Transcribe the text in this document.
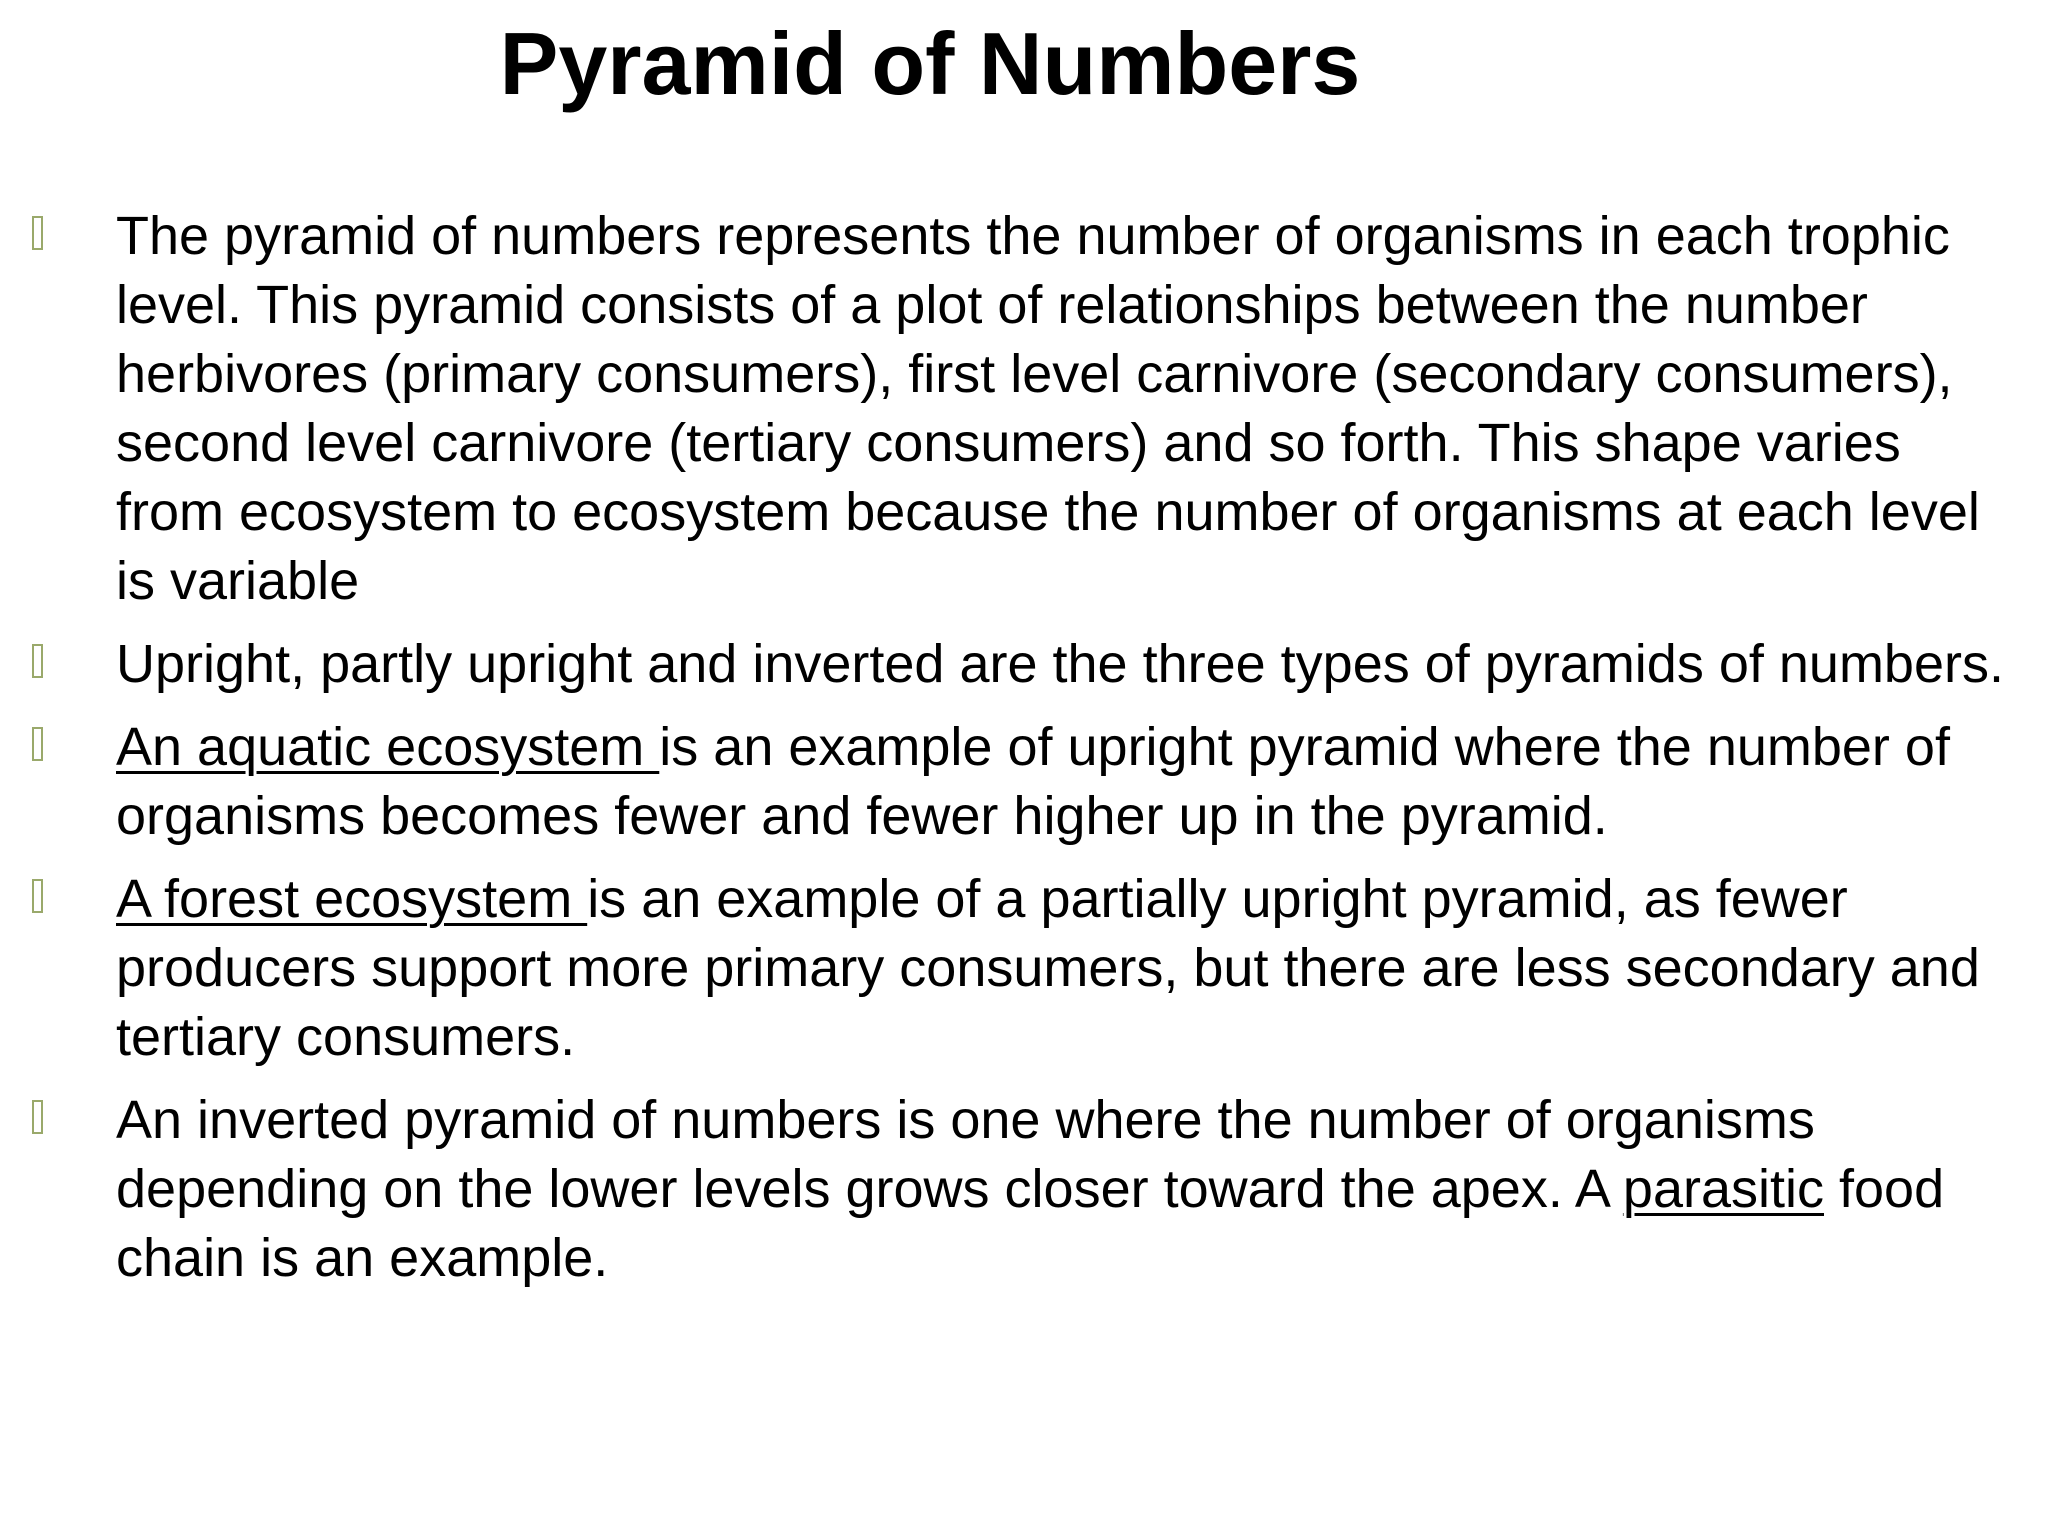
Pyramid of Numbers
The pyramid of numbers represents the number of organisms in each trophic level. This pyramid consists of a plot of relationships between the number herbivores (primary consumers), first level carnivore (secondary consumers), second level carnivore (tertiary consumers) and so forth. This shape varies from ecosystem to ecosystem because the number of organisms at each level is variable
Upright, partly upright and inverted are the three types of pyramids of numbers.
An aquatic ecosystem is an example of upright pyramid where the number of organisms becomes fewer and fewer higher up in the pyramid.
A forest ecosystem is an example of a partially upright pyramid, as fewer producers support more primary consumers, but there are less secondary and tertiary consumers.
An inverted pyramid of numbers is one where the number of organisms depending on the lower levels grows closer toward the apex. A parasitic food chain is an example.
